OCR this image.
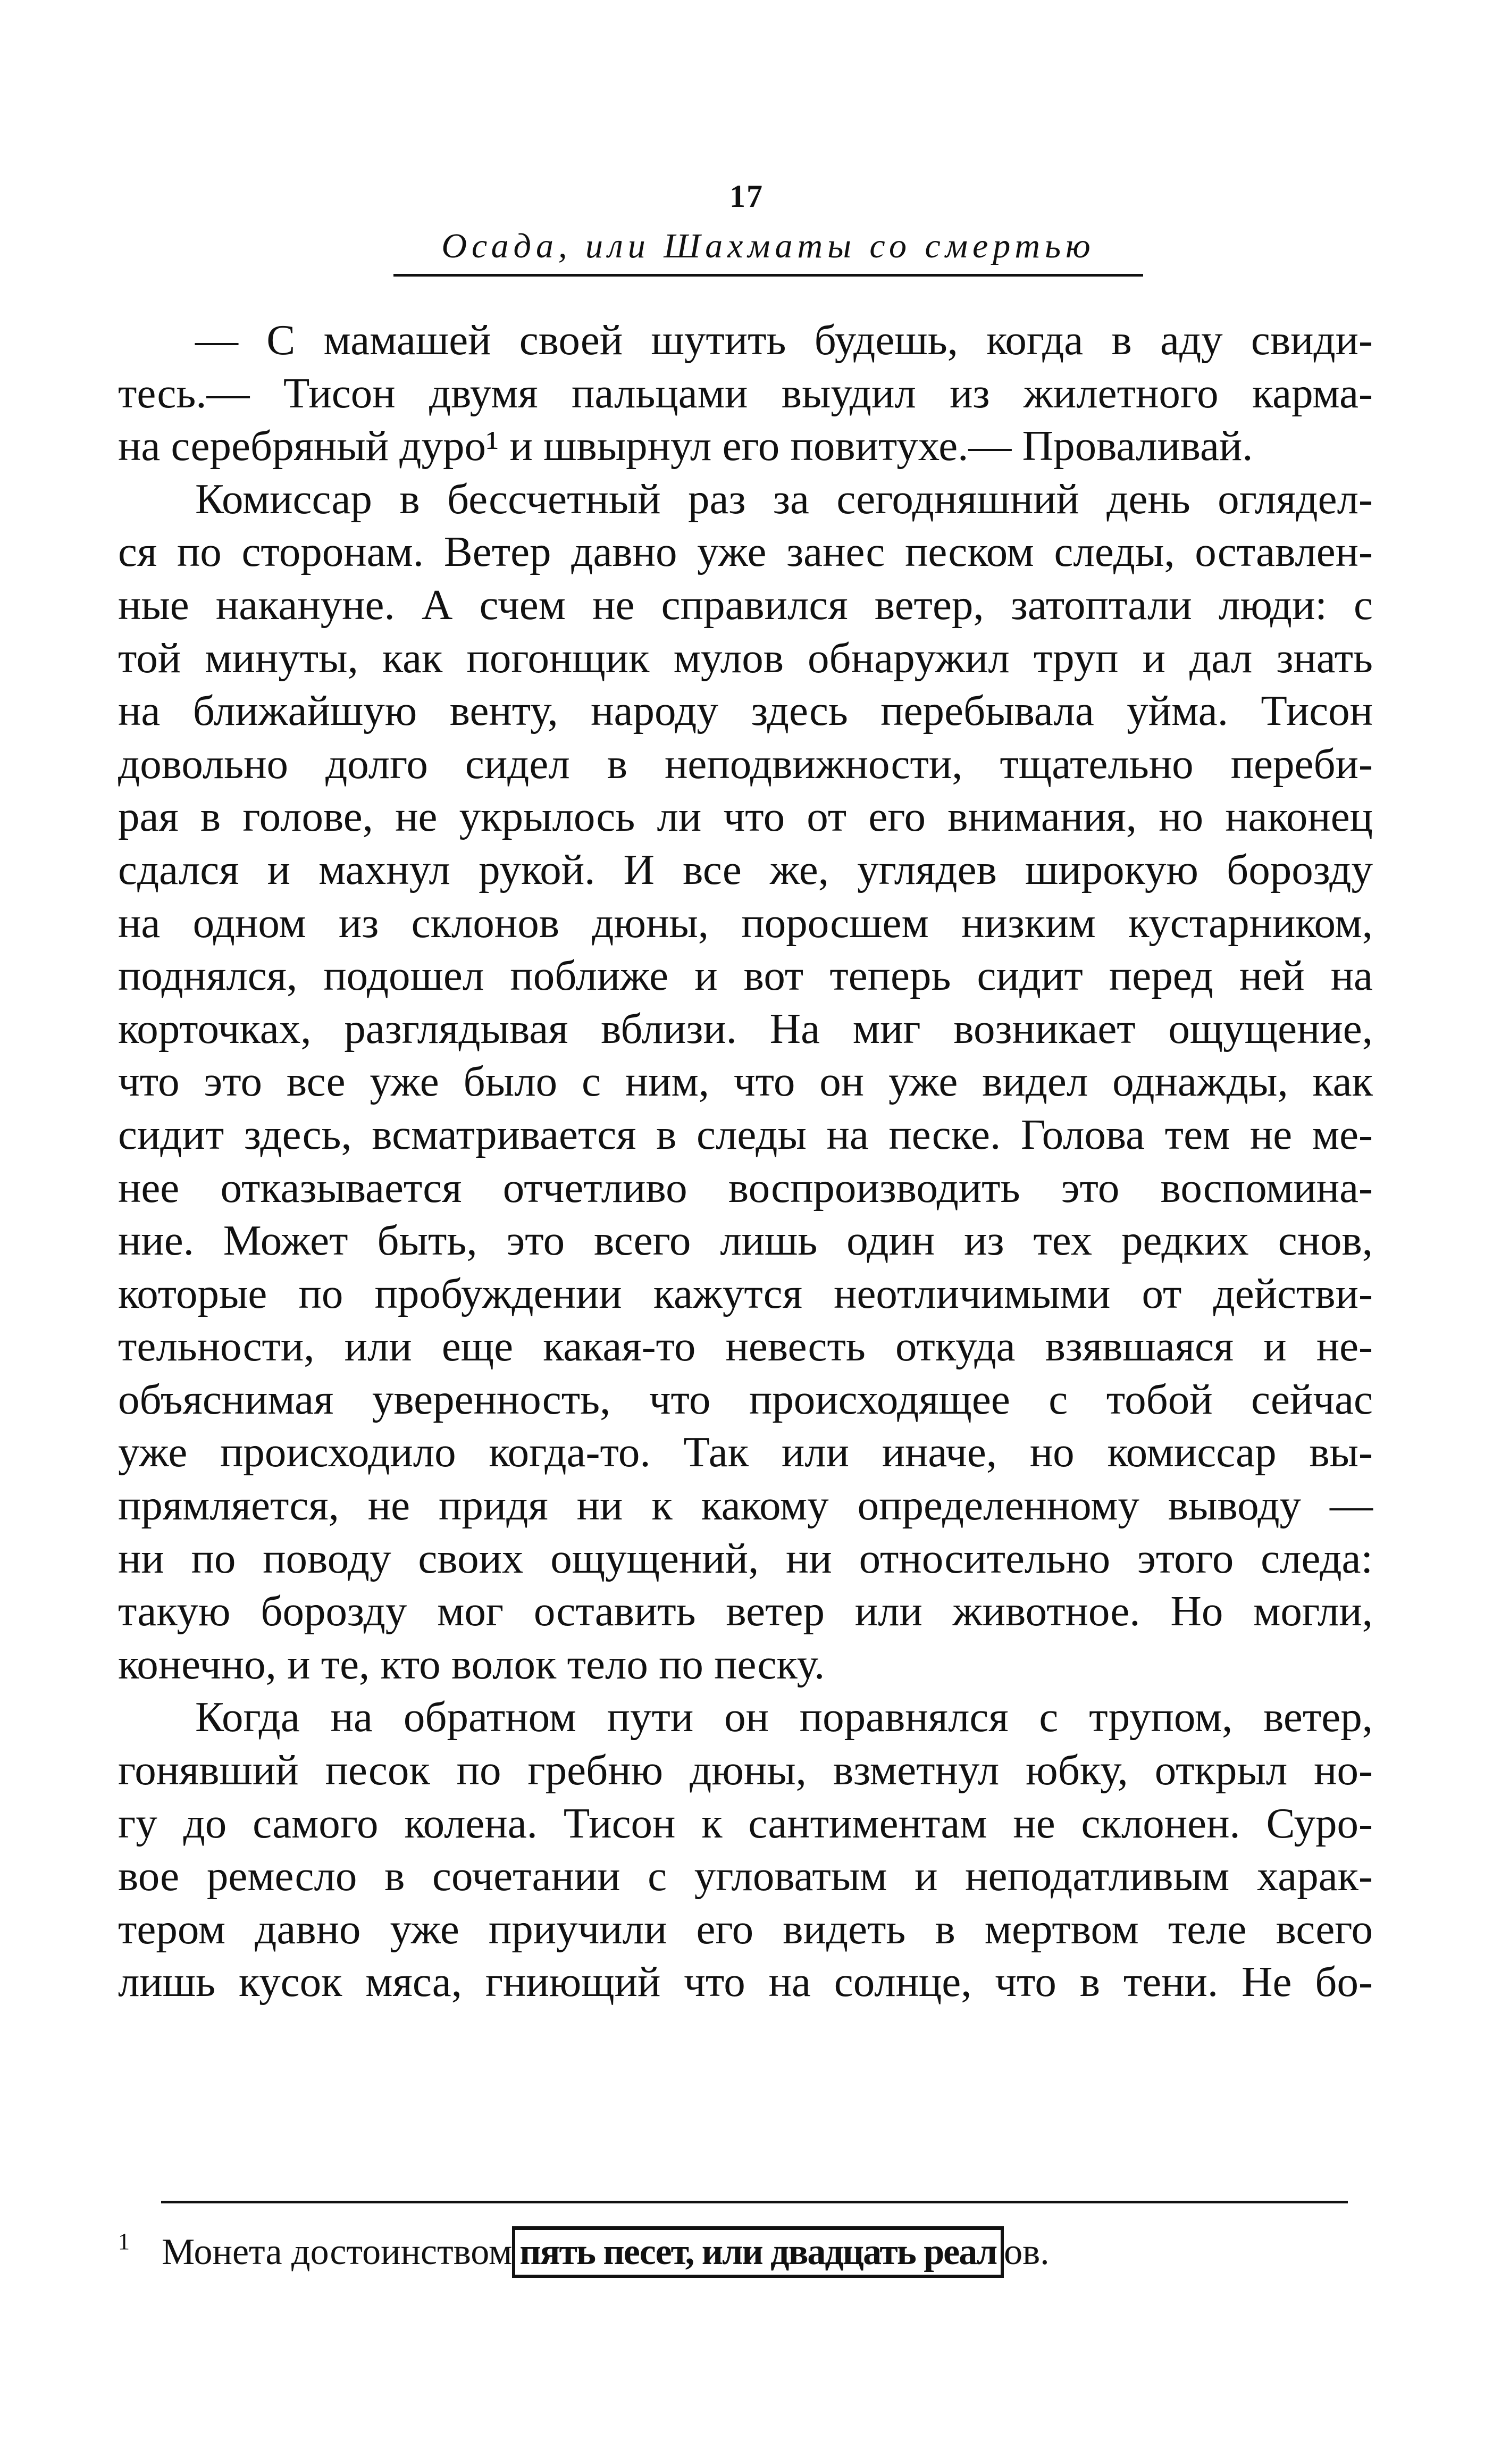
17
Осада, или Шахматы со смертью
— С мамашей своей шутить будешь, когда в аду свиди-
тесь.— Тисон двумя пальцами выудил из жилетного карма-
на серебряный дуро¹ и швырнул его повитухе.— Проваливай.
Комиссар в бессчетный раз за сегодняшний день оглядел-
ся по сторонам. Ветер давно уже занес песком следы, оставлен-
ные накануне. А счем не справился ветер, затоптали люди: с
той минуты, как погонщик мулов обнаружил труп и дал знать
на ближайшую венту, народу здесь перебывала уйма. Тисон
довольно долго сидел в неподвижности, тщательно переби-
рая в голове, не укрылось ли что от его внимания, но наконец
сдался и махнул рукой. И все же, углядев широкую борозду
на одном из склонов дюны, поросшем низким кустарником,
поднялся, подошел поближе и вот теперь сидит перед ней на
корточках, разглядывая вблизи. На миг возникает ощущение,
что это все уже было с ним, что он уже видел однажды, как
сидит здесь, всматривается в следы на песке. Голова тем не ме-
нее отказывается отчетливо воспроизводить это воспомина-
ние. Может быть, это всего лишь один из тех редких снов,
которые по пробуждении кажутся неотличимыми от действи-
тельности, или еще какая-то невесть откуда взявшаяся и не-
объяснимая уверенность, что происходящее с тобой сейчас
уже происходило когда-то. Так или иначе, но комиссар вы-
прямляется, не придя ни к какому определенному выводу —
ни по поводу своих ощущений, ни относительно этого следа:
такую борозду мог оставить ветер или животное. Но могли,
конечно, и те, кто волок тело по песку.
Когда на обратном пути он поравнялся с трупом, ветер,
гонявший песок по гребню дюны, взметнул юбку, открыл но-
гу до самого колена. Тисон к сантиментам не склонен. Суро-
вое ремесло в сочетании с угловатым и неподатливым харак-
тером давно уже приучили его видеть в мертвом теле всего
лишь кусок мяса, гниющий что на солнце, что в тени. Не бо-
1 Монета достоинством пять песет, или двадцать реал ов.
